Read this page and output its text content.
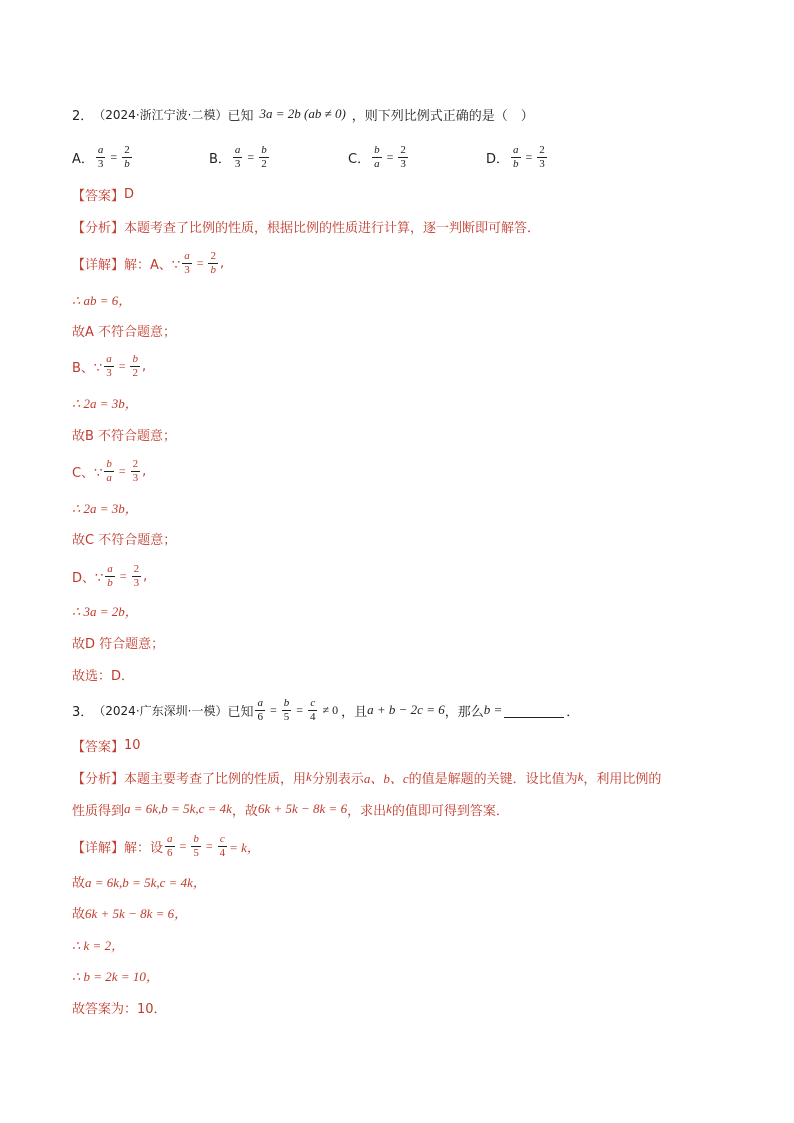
2． （2024·浙江宁波·二模） 已知 3a = 2b (ab ≠ 0) ，则下列比例式正确的是（　）
A． $\frac{a}{3} = \frac{2}{b}$	B． $\frac{a}{3} = \frac{b}{2}$	C． $\frac{b}{a} = \frac{2}{3}$	D． $\frac{a}{b} = \frac{2}{3}$
【答案】 D
【分析】 本题考查了比例的性质，根据比例的性质进行计算，逐一判断即可解答．
【详解】 解：A、∵ $\frac{a}{3} = \frac{2}{b}$ ,
∴ ab = 6，
故A 不符合题意；
B、∵ $\frac{a}{3} = \frac{b}{2}$ ,
∴ 2a = 3b，
故B 不符合题意；
C、∵ $\frac{b}{a} = \frac{2}{3}$ ,
∴ 2a = 3b，
故C 不符合题意；
D、∵ $\frac{a}{b} = \frac{2}{3}$ ,
∴ 3a = 2b，
故D 符合题意；
故选：D．
3． （2024·广东深圳·一模） 已知 $\frac{a}{6} = \frac{b}{5} = \frac{c}{4} \ne 0$ ，且 a + b − 2c = 6 ，那么 b =	．
【答案】 10
【分析】 本题主要考查了比例的性质，用 k 分别表示 a、b、c 的值是解题的关键．设比值为 k ，利用比例的
性质得到 a = 6k,b = 5k,c = 4k ，故 6k + 5k − 8k = 6 ，求出 k 的值即可得到答案．
【详解】 解：设 $\frac{a}{6} = \frac{b}{5} = \frac{c}{4} = k$，
故 a = 6k,b = 5k,c = 4k，
故 6k + 5k − 8k = 6，
∴ k = 2，
∴ b = 2k = 10，
故答案为：10．
